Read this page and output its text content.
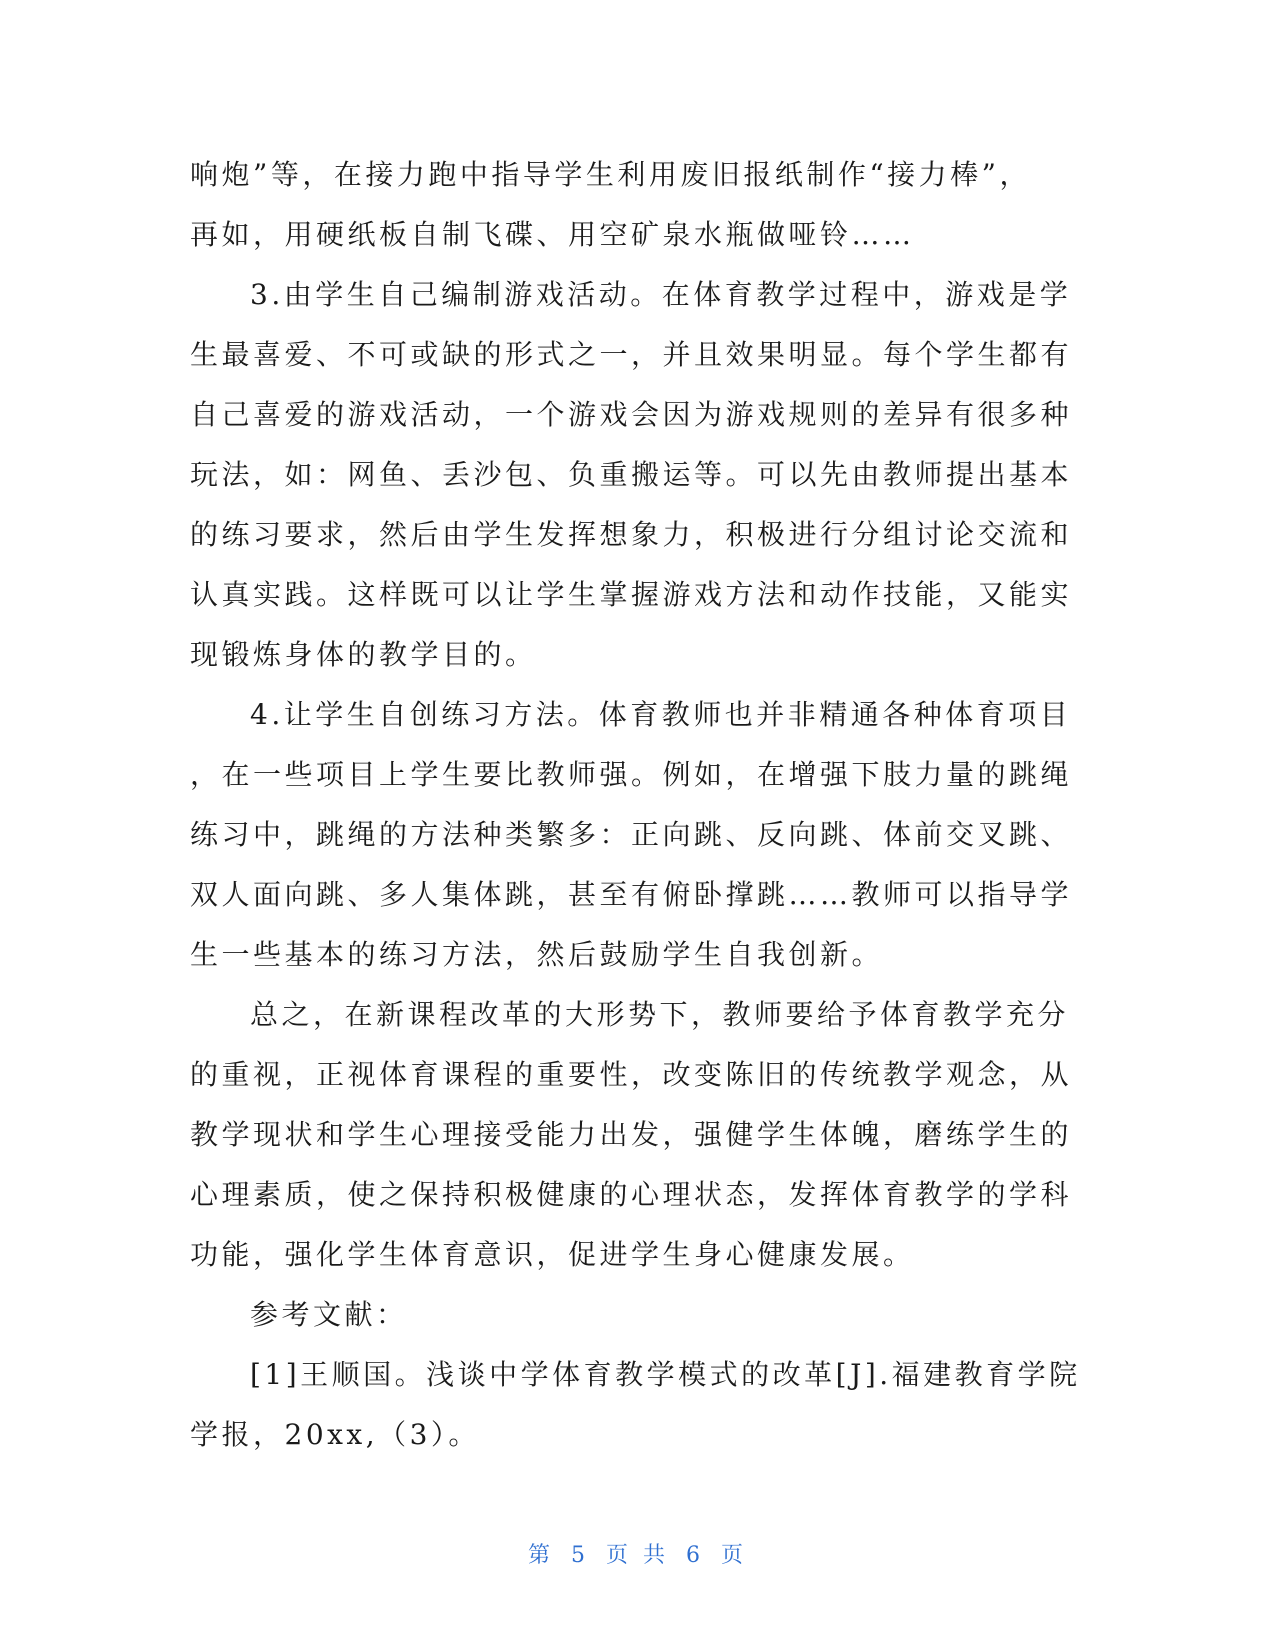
响炮”等，在接力跑中指导学生利用废旧报纸制作“接力棒”，
再如，用硬纸板自制飞碟、用空矿泉水瓶做哑铃……
3.由学生自己编制游戏活动。在体育教学过程中，游戏是学
生最喜爱、不可或缺的形式之一，并且效果明显。每个学生都有
自己喜爱的游戏活动，一个游戏会因为游戏规则的差异有很多种
玩法，如：网鱼、丢沙包、负重搬运等。可以先由教师提出基本
的练习要求，然后由学生发挥想象力，积极进行分组讨论交流和
认真实践。这样既可以让学生掌握游戏方法和动作技能，又能实
现锻炼身体的教学目的。
4.让学生自创练习方法。体育教师也并非精通各种体育项目
，在一些项目上学生要比教师强。例如，在增强下肢力量的跳绳
练习中，跳绳的方法种类繁多：正向跳、反向跳、体前交叉跳、
双人面向跳、多人集体跳，甚至有俯卧撑跳……教师可以指导学
生一些基本的练习方法，然后鼓励学生自我创新。
总之，在新课程改革的大形势下，教师要给予体育教学充分
的重视，正视体育课程的重要性，改变陈旧的传统教学观念，从
教学现状和学生心理接受能力出发，强健学生体魄，磨练学生的
心理素质，使之保持积极健康的心理状态，发挥体育教学的学科
功能，强化学生体育意识，促进学生身心健康发展。
参考文献：
[1]王顺国。浅谈中学体育教学模式的改革[J].福建教育学院
学报，20xx,（3）。
第 5 页 共 6 页
